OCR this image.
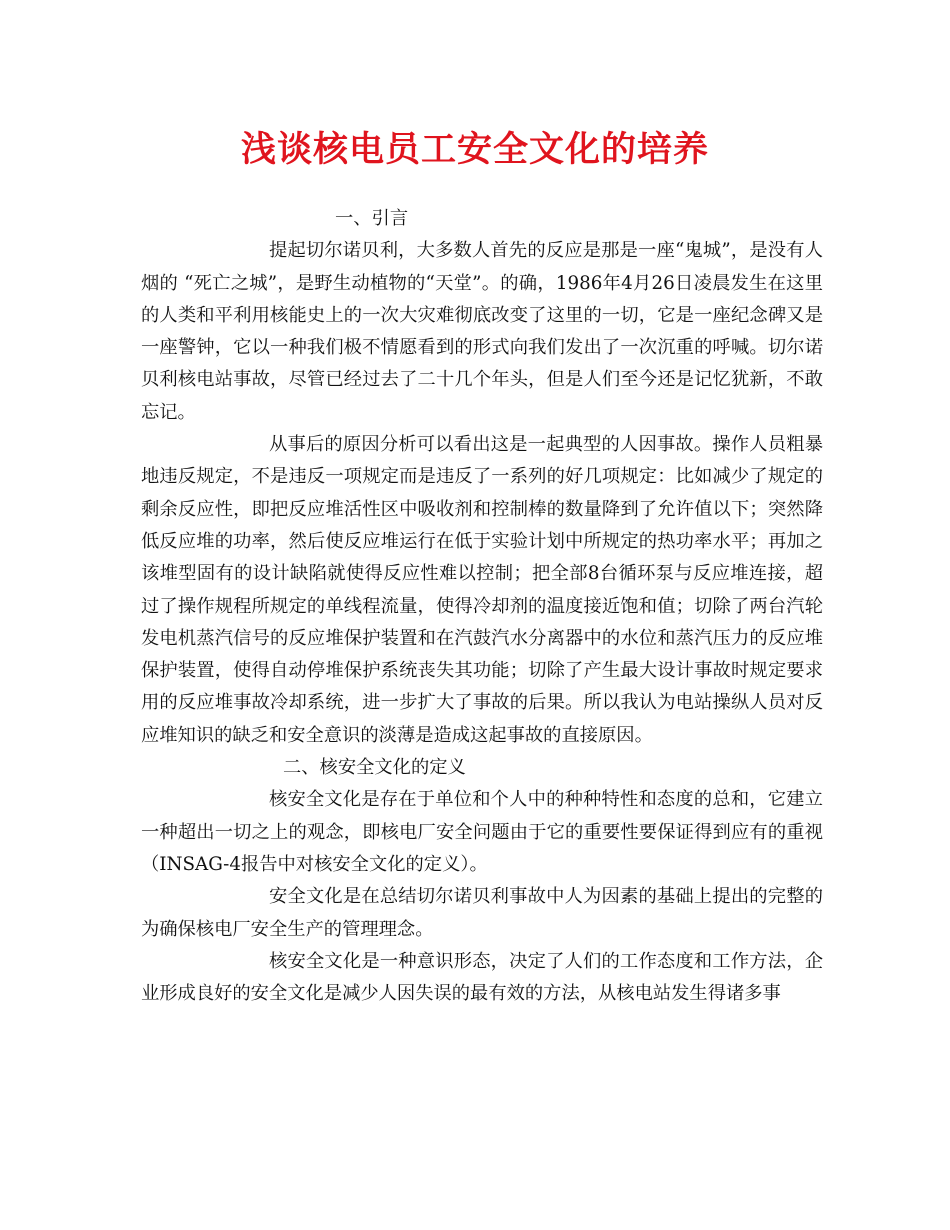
浅谈核电员工安全文化的培养

一、引言

提起切尔诺贝利，大多数人首先的反应是那是一座“鬼城”，是没有人烟的 “死亡之城”，是野生动植物的“天堂”。的确，1986年4月26日凌晨发生在这里的人类和平利用核能史上的一次大灾难彻底改变了这里的一切，它是一座纪念碑又是一座警钟，它以一种我们极不情愿看到的形式向我们发出了一次沉重的呼喊。切尔诺贝利核电站事故，尽管已经过去了二十几个年头，但是人们至今还是记忆犹新，不敢忘记。

从事后的原因分析可以看出这是一起典型的人因事故。操作人员粗暴地违反规定，不是违反一项规定而是违反了一系列的好几项规定：比如减少了规定的剩余反应性，即把反应堆活性区中吸收剂和控制棒的数量降到了允许值以下；突然降低反应堆的功率，然后使反应堆运行在低于实验计划中所规定的热功率水平；再加之该堆型固有的设计缺陷就使得反应性难以控制；把全部8台循环泵与反应堆连接，超过了操作规程所规定的单线程流量，使得冷却剂的温度接近饱和值；切除了两台汽轮发电机蒸汽信号的反应堆保护装置和在汽鼓汽水分离器中的水位和蒸汽压力的反应堆保护装置，使得自动停堆保护系统丧失其功能；切除了产生最大设计事故时规定要求用的反应堆事故冷却系统，进一步扩大了事故的后果。所以我认为电站操纵人员对反应堆知识的缺乏和安全意识的淡薄是造成这起事故的直接原因。

二、核安全文化的定义

核安全文化是存在于单位和个人中的种种特性和态度的总和，它建立一种超出一切之上的观念，即核电厂安全问题由于它的重要性要保证得到应有的重视（INSAG-4报告中对核安全文化的定义）。

安全文化是在总结切尔诺贝利事故中人为因素的基础上提出的完整的为确保核电厂安全生产的管理理念。

核安全文化是一种意识形态，决定了人们的工作态度和工作方法，企业形成良好的安全文化是减少人因失误的最有效的方法，从核电站发生得诸多事
